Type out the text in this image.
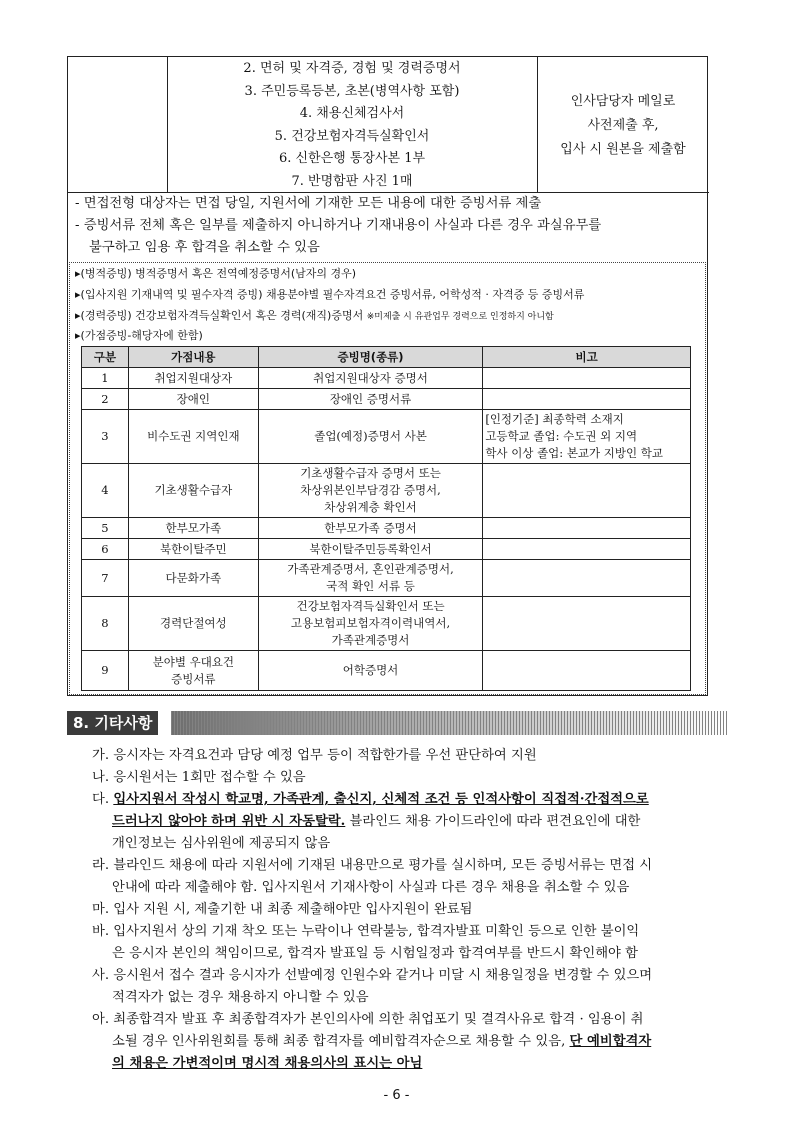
2. 면허 및 자격증, 경험 및 경력증명서
3. 주민등록등본, 초본(병역사항 포함)
4. 채용신체검사서
5. 건강보험자격득실확인서
6. 신한은행 통장사본 1부
7. 반명함판 사진 1매
인사담당자 메일로
사전제출 후,
입사 시 원본을 제출함
- 면접전형 대상자는 면접 당일, 지원서에 기재한 모든 내용에 대한 증빙서류 제출
- 증빙서류 전체 혹은 일부를 제출하지 아니하거나 기재내용이 사실과 다른 경우 과실유무를
불구하고 임용 후 합격을 취소할 수 있음
▸(병적증빙) 병적증명서 혹은 전역예정증명서(남자의 경우)
▸(입사지원 기재내역 및 필수자격 증빙) 채용분야별 필수자격요건 증빙서류, 어학성적 · 자격증 등 증빙서류
▸(경력증빙) 건강보험자격득실확인서 혹은 경력(재직)증명서 ※미제출 시 유관업무 경력으로 인정하지 아니함
▸(가점증빙-해당자에 한함)
구분	가점내용	증빙명(종류)	비고
1	취업지원대상자	취업지원대상자 증명서	
2	장애인	장애인 증명서류	
3	비수도권 지역인재	졸업(예정)증명서 사본	[인정기준] 최종학력 소재지
고등학교 졸업: 수도권 외 지역
학사 이상 졸업: 본교가 지방인 학교

4	기초생활수급자	기초생활수급자 증명서 또는
차상위본인부담경감 증명서,
차상위계층 확인서	

5	한부모가족	한부모가족 증명서	
6	북한이탈주민	북한이탈주민등록확인서	
7	다문화가족	가족관계증명서, 혼인관계증명서,
국적 확인 서류 등	

8	경력단절여성	건강보험자격득실확인서 또는
고용보험피보험자격이력내역서,
가족관계증명서	

9	분야별 우대요건
증빙서류	어학증명서	
8. 기타사항
가. 응시자는 자격요건과 담당 예정 업무 등이 적합한가를 우선 판단하여 지원
나. 응시원서는 1회만 접수할 수 있음
다. 입사지원서 작성시 학교명, 가족관계, 출신지, 신체적 조건 등 인적사항이 직접적·간접적으로
드러나지 않아야 하며 위반 시 자동탈락. 블라인드 채용 가이드라인에 따라 편견요인에 대한
개인정보는 심사위원에 제공되지 않음
라. 블라인드 채용에 따라 지원서에 기재된 내용만으로 평가를 실시하며, 모든 증빙서류는 면접 시
안내에 따라 제출해야 함. 입사지원서 기재사항이 사실과 다른 경우 채용을 취소할 수 있음
마. 입사 지원 시, 제출기한 내 최종 제출해야만 입사지원이 완료됨
바. 입사지원서 상의 기재 착오 또는 누락이나 연락불능, 합격자발표 미확인 등으로 인한 불이익
은 응시자 본인의 책임이므로, 합격자 발표일 등 시험일정과 합격여부를 반드시 확인해야 함
사. 응시원서 접수 결과 응시자가 선발예정 인원수와 같거나 미달 시 채용일정을 변경할 수 있으며
적격자가 없는 경우 채용하지 아니할 수 있음
아. 최종합격자 발표 후 최종합격자가 본인의사에 의한 취업포기 및 결격사유로 합격 · 임용이 취
소될 경우 인사위원회를 통해 최종 합격자를 예비합격자순으로 채용할 수 있음, 단 예비합격자
의 채용은 가변적이며 명시적 채용의사의 표시는 아님
- 6 -
